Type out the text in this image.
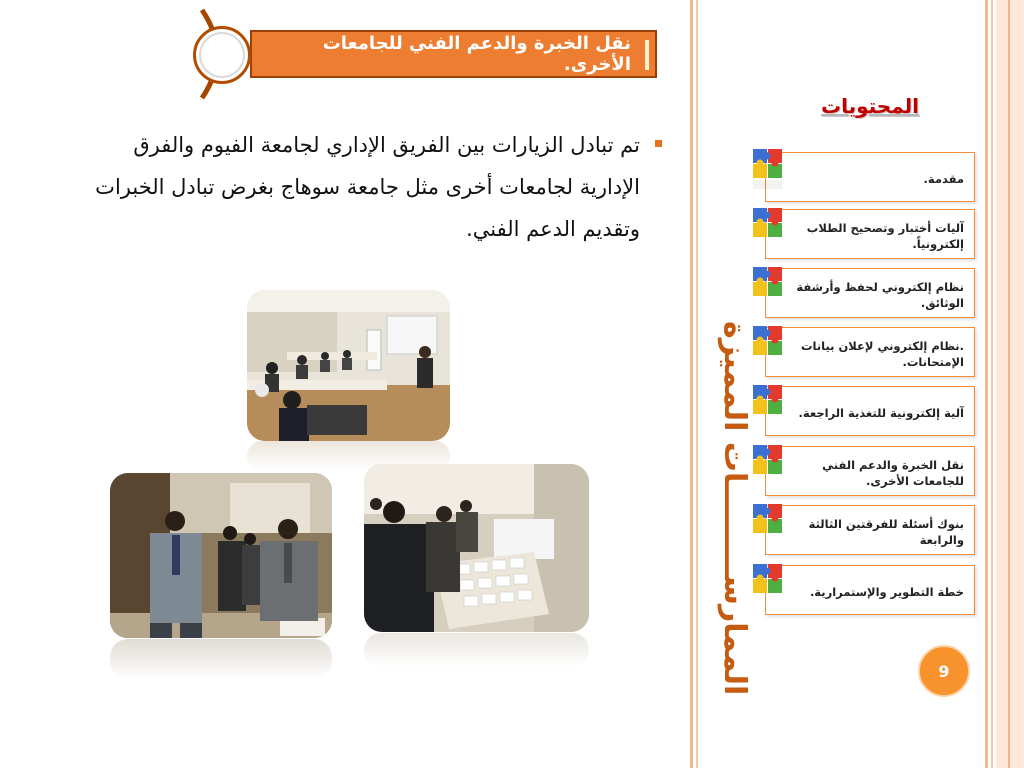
نقل الخبرة والدعم الفني للجامعات الأخرى.
تم تبادل الزيارات بين الفريق الإداري لجامعة الفيوم والفرق الإدارية لجامعات أخرى مثل جامعة سوهاج بغرض تبادل الخبرات وتقديم الدعم الفني.
الممارســـــــــات المميزة
المحتويات
مقدمة.
آليات أختبار وتصحيح الطلاب إلكترونياً.
نظام إلكتروني لحفظ وأرشفة الوثائق.
.نظام إلكتروني لإعلان بيانات الإمتحانات.
آلية إلكترونية للتغذية الراجعة.
نقل الخبرة والدعم الفني للجامعات الأخرى.
بنوك أسئلة للفرقتين الثالثة والرابعة
خطة التطوير والإستمرارية.
9
